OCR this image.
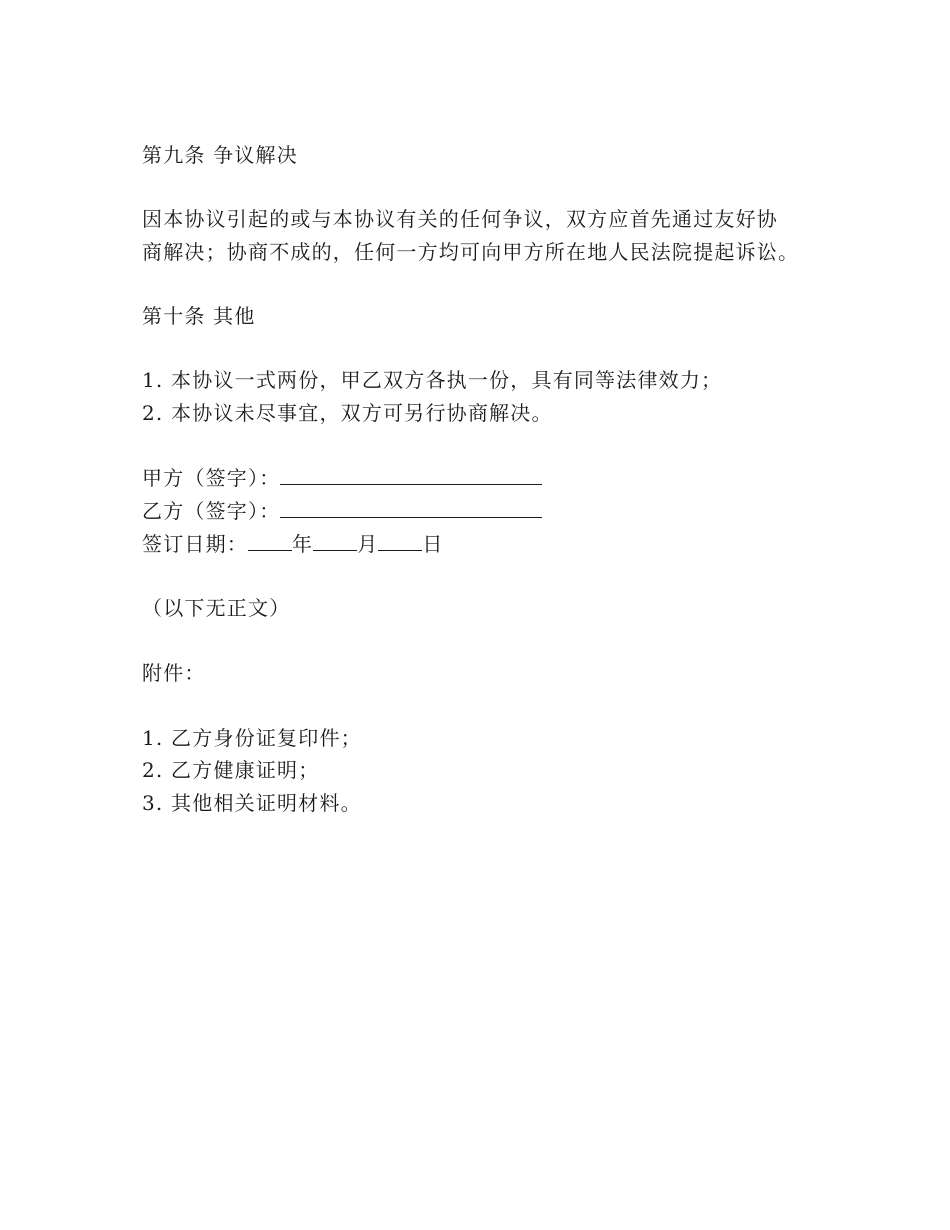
第九条 争议解决
因本协议引起的或与本协议有关的任何争议，双方应首先通过友好协
商解决；协商不成的，任何一方均可向甲方所在地人民法院提起诉讼。
第十条 其他
1. 本协议一式两份，甲乙双方各执一份，具有同等法律效力；
2. 本协议未尽事宜，双方可另行协商解决。
甲方（签字）：
乙方（签字）：
签订日期： 年 月 日
（以下无正文）
附件：
1. 乙方身份证复印件；
2. 乙方健康证明；
3. 其他相关证明材料。
